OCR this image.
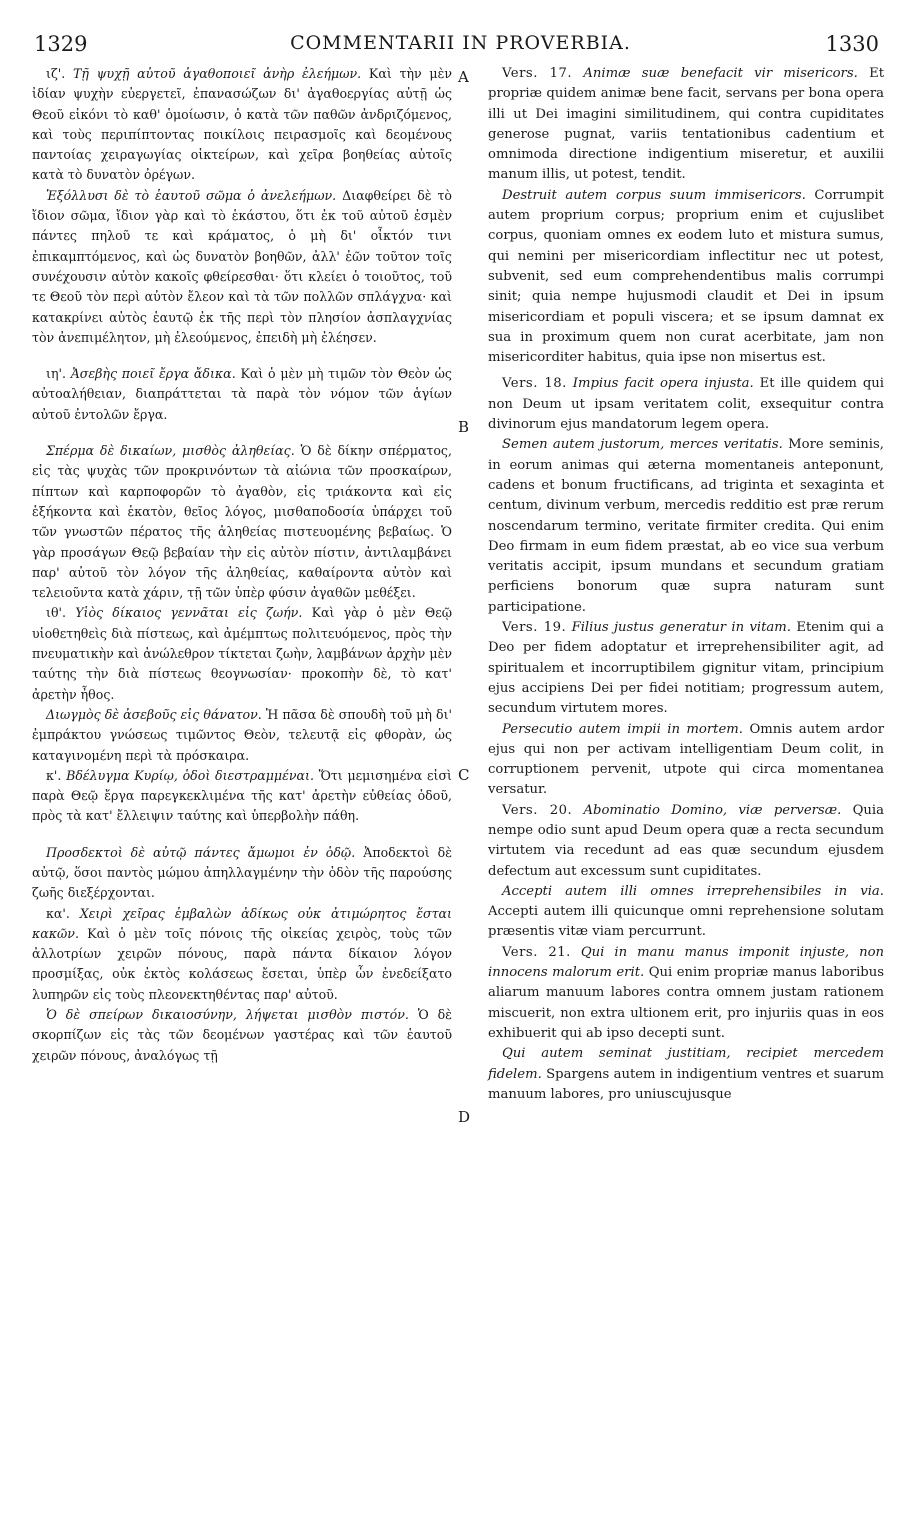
1329	COMMENTARII IN PROVERBIA.	1330
A
B
C
D

ιζ'. Τῇ ψυχῇ αὐτοῦ ἀγαθοποιεῖ ἀνὴρ ἐλεήμων. Καὶ τὴν μὲν ἰδίαν ψυχὴν εὐεργετεῖ, ἐπανασώζων δι' ἀγαθοεργίας αὐτῇ ὡς Θεοῦ εἰκόνι τὸ καθ' ὁμοίωσιν, ὁ κατὰ τῶν παθῶν ἀνδριζόμενος, καὶ τοὺς περιπίπτοντας ποικίλοις πειρασμοῖς καὶ δεομένους παντοίας χειραγωγίας οἰκτείρων, καὶ χεῖρα βοηθείας αὐτοῖς κατὰ τὸ δυνατὸν ὀρέγων.

Ἐξόλλυσι δὲ τὸ ἑαυτοῦ σῶμα ὁ ἀνελεήμων. Διαφθείρει δὲ τὸ ἴδιον σῶμα, ἴδιον γὰρ καὶ τὸ ἑκάστου, ὅτι ἐκ τοῦ αὐτοῦ ἐσμὲν πάντες πηλοῦ τε καὶ κράματος, ὁ μὴ δι' οἶκτόν τινι ἐπικαμπτόμενος, καὶ ὡς δυνατὸν βοηθῶν, ἀλλ' ἐῶν τοῦτον τοῖς συνέχουσιν αὐτὸν κακοῖς φθείρεσθαι· ὅτι κλείει ὁ τοιοῦτος, τοῦ τε Θεοῦ τὸν περὶ αὐτὸν ἔλεον καὶ τὰ τῶν πολλῶν σπλάγχνα· καὶ κατακρίνει αὐτὸς ἑαυτῷ ἐκ τῆς περὶ τὸν πλησίον ἀσπλαγχνίας τὸν ἀνεπιμέλητον, μὴ ἐλεούμενος, ἐπειδὴ μὴ ἐλέησεν.

ιη'. Ἀσεβὴς ποιεῖ ἔργα ἄδικα. Καὶ ὁ μὲν μὴ τιμῶν τὸν Θεὸν ὡς αὐτοαλήθειαν, διαπράττεται τὰ παρὰ τὸν νόμον τῶν ἁγίων αὐτοῦ ἐντολῶν ἔργα.

Σπέρμα δὲ δικαίων, μισθὸς ἀληθείας. Ὁ δὲ δίκην σπέρματος, εἰς τὰς ψυχὰς τῶν προκρινόντων τὰ αἰώνια τῶν προσκαίρων, πίπτων καὶ καρποφορῶν τὸ ἀγαθὸν, εἰς τριάκοντα καὶ εἰς ἑξήκοντα καὶ ἑκατὸν, θεῖος λόγος, μισθαποδοσία ὑπάρχει τοῦ τῶν γνωστῶν πέρατος τῆς ἀληθείας πιστευομένης βεβαίως. Ὁ γὰρ προσάγων Θεῷ βεβαίαν τὴν εἰς αὐτὸν πίστιν, ἀντιλαμβάνει παρ' αὐτοῦ τὸν λόγον τῆς ἀληθείας, καθαίροντα αὐτὸν καὶ τελειοῦντα κατὰ χάριν, τῇ τῶν ὑπὲρ φύσιν ἀγαθῶν μεθέξει.

ιθ'. Υἱὸς δίκαιος γεννᾶται εἰς ζωήν. Καὶ γὰρ ὁ μὲν Θεῷ υἱοθετηθεὶς διὰ πίστεως, καὶ ἀμέμπτως πολιτευόμενος, πρὸς τὴν πνευματικὴν καὶ ἀνώλεθρον τίκτεται ζωὴν, λαμβάνων ἀρχὴν μὲν ταύτης τὴν διὰ πίστεως θεογνωσίαν· προκοπὴν δὲ, τὸ κατ' ἀρετὴν ἦθος.

Διωγμὸς δὲ ἀσεβοῦς εἰς θάνατον. Ἡ πᾶσα δὲ σπουδὴ τοῦ μὴ δι' ἐμπράκτου γνώσεως τιμῶντος Θεὸν, τελευτᾷ εἰς φθορὰν, ὡς καταγινομένη περὶ τὰ πρόσκαιρα.

κ'. Βδέλυγμα Κυρίῳ, ὁδοὶ διεστραμμέναι. Ὅτι μεμισημένα εἰσὶ παρὰ Θεῷ ἔργα παρεγκεκλιμένα τῆς κατ' ἀρετὴν εὐθείας ὁδοῦ, πρὸς τὰ κατ' ἔλλειψιν ταύτης καὶ ὑπερβολὴν πάθη.

Προσδεκτοὶ δὲ αὐτῷ πάντες ἄμωμοι ἐν ὁδῷ. Ἀποδεκτοὶ δὲ αὐτῷ, ὅσοι παντὸς μώμου ἀπηλλαγμένην τὴν ὁδὸν τῆς παρούσης ζωῆς διεξέρχονται.

κα'. Χειρὶ χεῖρας ἐμβαλὼν ἀδίκως οὐκ ἀτιμώρητος ἔσται κακῶν. Καὶ ὁ μὲν τοῖς πόνοις τῆς οἰκείας χειρὸς, τοὺς τῶν ἀλλοτρίων χειρῶν πόνους, παρὰ πάντα δίκαιον λόγον προσμίξας, οὐκ ἐκτὸς κολάσεως ἔσεται, ὑπὲρ ὧν ἐνεδείξατο λυπηρῶν εἰς τοὺς πλεονεκτηθέντας παρ' αὐτοῦ.

Ὁ δὲ σπείρων δικαιοσύνην, λήψεται μισθὸν πιστόν. Ὁ δὲ σκορπίζων εἰς τὰς τῶν δεομένων γαστέρας καὶ τῶν ἑαυτοῦ χειρῶν πόνους, ἀναλόγως τῇ

Vers. 17. Animæ suæ benefacit vir misericors. Et propriæ quidem animæ bene facit, servans per bona opera illi ut Dei imagini similitudinem, qui contra cupiditates generose pugnat, variis tentationibus cadentium et omnimoda directione indigentium miseretur, et auxilii manum illis, ut potest, tendit.

Destruit autem corpus suum immisericors. Corrumpit autem proprium corpus; proprium enim et cujuslibet corpus, quoniam omnes ex eodem luto et mistura sumus, qui nemini per misericordiam inflectitur nec ut potest, subvenit, sed eum comprehendentibus malis corrumpi sinit; quia nempe hujusmodi claudit et Dei in ipsum misericordiam et populi viscera; et se ipsum damnat ex sua in proximum quem non curat acerbitate, jam non misericorditer habitus, quia ipse non misertus est.

Vers. 18. Impius facit opera injusta. Et ille quidem qui non Deum ut ipsam veritatem colit, exsequitur contra divinorum ejus mandatorum legem opera.

Semen autem justorum, merces veritatis. More seminis, in eorum animas qui æterna momentaneis anteponunt, cadens et bonum fructificans, ad triginta et sexaginta et centum, divinum verbum, mercedis redditio est præ rerum noscendarum termino, veritate firmiter credita. Qui enim Deo firmam in eum fidem præstat, ab eo vice sua verbum veritatis accipit, ipsum mundans et secundum gratiam perficiens bonorum quæ supra naturam sunt participatione.

Vers. 19. Filius justus generatur in vitam. Etenim qui a Deo per fidem adoptatur et irreprehensibiliter agit, ad spiritualem et incorruptibilem gignitur vitam, principium ejus accipiens Dei per fidei notitiam; progressum autem, secundum virtutem mores.

Persecutio autem impii in mortem. Omnis autem ardor ejus qui non per activam intelligentiam Deum colit, in corruptionem pervenit, utpote qui circa momentanea versatur.

Vers. 20. Abominatio Domino, viæ perversæ. Quia nempe odio sunt apud Deum opera quæ a recta secundum virtutem via recedunt ad eas quæ secundum ejusdem defectum aut excessum sunt cupiditates.

Accepti autem illi omnes irreprehensibiles in via. Accepti autem illi quicunque omni reprehensione solutam præsentis vitæ viam percurrunt.

Vers. 21. Qui in manu manus imponit injuste, non innocens malorum erit. Qui enim propriæ manus laboribus aliarum manuum labores contra omnem justam rationem miscuerit, non extra ultionem erit, pro injuriis quas in eos exhibuerit qui ab ipso decepti sunt.

Qui autem seminat justitiam, recipiet mercedem fidelem. Spargens autem in indigentium ventres et suarum manuum labores, pro uniuscujusque
